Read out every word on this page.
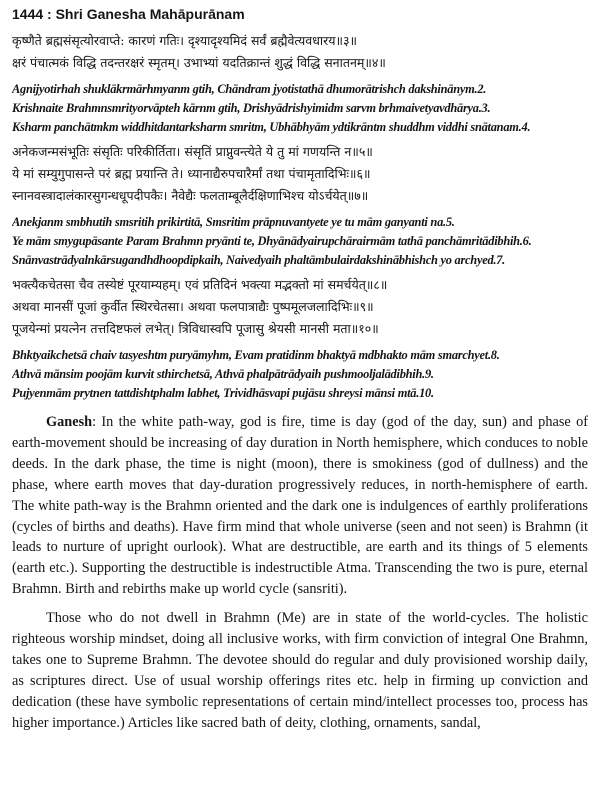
1444 : Shri Ganesha Mahāpurānam
कृष्णैते ब्रह्मसंसृत्योरवाप्ते: कारणं गतिः। दृश्यादृश्यमिदं सर्वं ब्रह्मैवेत्यवधारय॥३॥
क्षरं पंचात्मकं विद्धि तदन्तरक्षरं स्मृतम्। उभाभ्यां यदतिक्रान्तं शुद्धं विद्धि सनातनम्॥४॥
Agnijyotirhah shuklākrmārhmyanm gtih, Chāndram jyotistathā dhumorātrishch dakshinānym.2.
Krishnaite Brahmnsmrityorvāpteh kārnm gtih, Drishyādrishyimidm sarvm brhmaivetyavdhārya.3.
Ksharm panchātmkm widdhitdantarksharm smritm, Ubhābhyām ydtikrāntm shuddhm viddhi snātanam.4.
अनेकजन्मसंभूतिः संसृतिः परिकीर्तिता। संसृतिं प्राप्नुवन्त्येते ये तु मां गणयन्ति न॥५॥
ये मां सम्युगुपासन्ते परं ब्रह्म प्रयान्ति ते। ध्यानाद्यैरुपचारैर्मां तथा पंचामृतादिभिः॥६॥
स्नानवस्त्रादालंकारसुगन्धधूपदीपकैः। नैवेद्यैः फलताम्बूलैर्दक्षिणाभिश्च योऽर्चयेत्॥७॥
Anekjanm smbhutih smsritih prikirtitā, Smsritim prāpnuvantyete ye tu mām ganyanti na.5.
Ye mām smygupāsante Param Brahmn pryānti te, Dhyānādyairupchārairmām tathā panchāmritādibhih.6.
Snānvastrādyalnkārsugandhdhoopdipkaih, Naivedyaih phaltāmbulairdakshinābhishch yo archyed.7.
भक्त्यैकचेतसा चैव तस्येष्टं पूरयाम्यहम्। एवं प्रतिदिनं भक्त्या मद्भक्तो मां समर्चयेत्॥८॥
अथवा मानसीं पूजां कुर्वीत स्थिरचेतसा। अथवा फलपात्राद्यैः पुष्पमूलजलादिभिः॥९॥
पूजयेन्मां प्रयत्नेन तत्तदिष्टफलं लभेत्। त्रिविधास्वपि पूजासु श्रेयसी मानसी मता॥१०॥
Bhktyaikchetsā chaiv tasyeshtm puryāmyhm, Evam pratidinm bhaktyā mdbhakto mām smarchyet.8.
Athvā mānsim poojām kurvit sthirchetsā, Athvā phalpātrādyaih pushmooljalādibhih.9.
Pujyenmām prytnen tattdishtphalm labhet, Trividhāsvapi pujāsu shreysi mānsi mtā.10.

Ganesh: In the white path-way, god is fire, time is day (god of the day, sun) and phase of earth-movement should be increasing of day duration in North hemisphere, which conduces to noble deeds. In the dark phase, the time is night (moon), there is smokiness (god of dullness) and the phase, where earth moves that day-duration progressively reduces, in north-hemisphere of earth. The white path-way is the Brahmn oriented and the dark one is indulgences of earthly proliferations (cycles of births and deaths). Have firm mind that whole universe (seen and not seen) is Brahmn (it leads to nurture of upright ourlook). What are destructible, are earth and its things of 5 elements (earth etc.). Supporting the destructible is indestructible Atma. Transcending the two is pure, eternal Brahmn. Birth and rebirths make up world cycle (sansriti).

Those who do not dwell in Brahmn (Me) are in state of the world-cycles. The holistic righteous worship mindset, doing all inclusive works, with firm conviction of integral One Brahmn, takes one to Supreme Brahmn. The devotee should do regular and duly provisioned worship daily, as scriptures direct. Use of usual worship offerings rites etc. help in firming up conviction and dedication (these have symbolic representations of certain mind/intellect processes too, process has higher importance.) Articles like sacred bath of deity, clothing, ornaments, sandal,
